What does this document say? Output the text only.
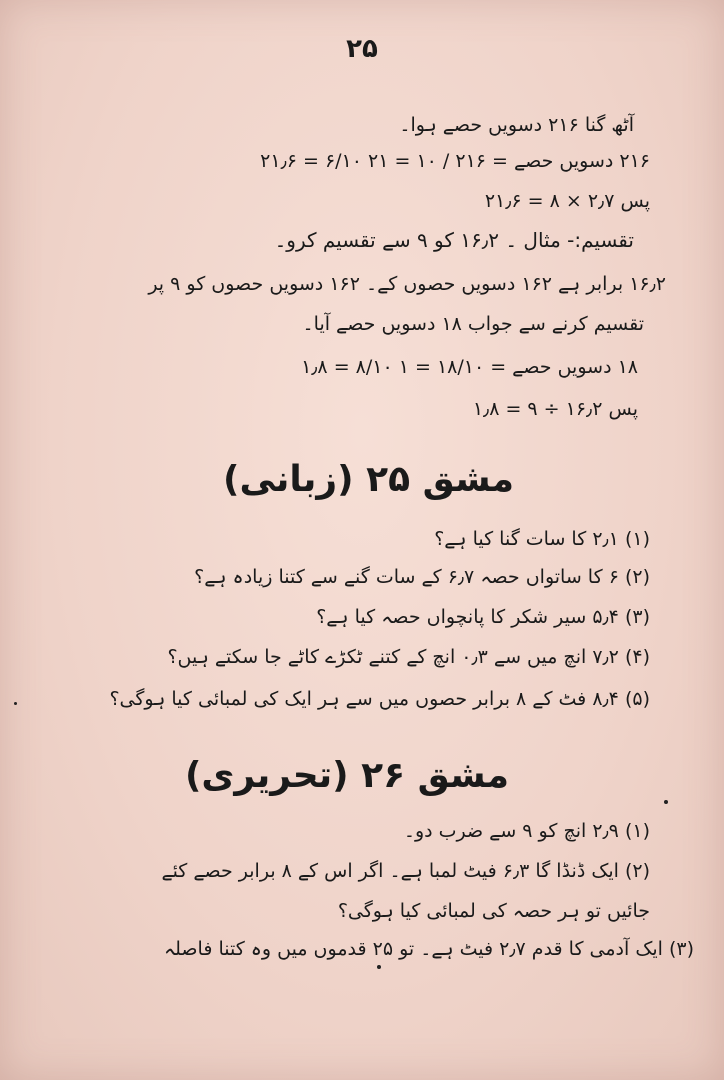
۲۵
آٹھ گنا ۲۱۶ دسویں حصے ہوا۔
۲۱۶ دسویں حصے = ۲۱۶ / ۱۰ = ۲۱ ۶/۱۰ = ۲۱٫۶
پس ۲٫۷ × ۸ = ۲۱٫۶
تقسیم:- مثال ۔ ۱۶٫۲ کو ۹ سے تقسیم کرو۔
۱۶٫۲ برابر ہے ۱۶۲ دسویں حصوں کے۔ ۱۶۲ دسویں حصوں کو ۹ پر
تقسیم کرنے سے جواب ۱۸ دسویں حصے آیا۔
۱۸ دسویں حصے = ۱۸/۱۰ = ۱ ۸/۱۰ = ۱٫۸
پس ۱۶٫۲ ÷ ۹ = ۱٫۸
مشق ۲۵ (زبانی)
(۱) ۲٫۱ کا سات گنا کیا ہے؟
(۲) ۶ کا ساتواں حصہ ۶٫۷ کے سات گنے سے کتنا زیادہ ہے؟
(۳) ۵٫۴ سیر شکر کا پانچواں حصہ کیا ہے؟
(۴) ۷٫۲ انچ میں سے ۰٫۳ انچ کے کتنے ٹکڑے کاٹے جا سکتے ہیں؟
(۵) ۸٫۴ فٹ کے ۸ برابر حصوں میں سے ہر ایک کی لمبائی کیا ہوگی؟
مشق ۲۶ (تحریری)
(۱) ۲٫۹ انچ کو ۹ سے ضرب دو۔
(۲) ایک ڈنڈا گا ۶٫۳ فیٹ لمبا ہے۔ اگر اس کے ۸ برابر حصے کئے
جائیں تو ہر حصہ کی لمبائی کیا ہوگی؟
(۳) ایک آدمی کا قدم ۲٫۷ فیٹ ہے۔ تو ۲۵ قدموں میں وہ کتنا فاصلہ
